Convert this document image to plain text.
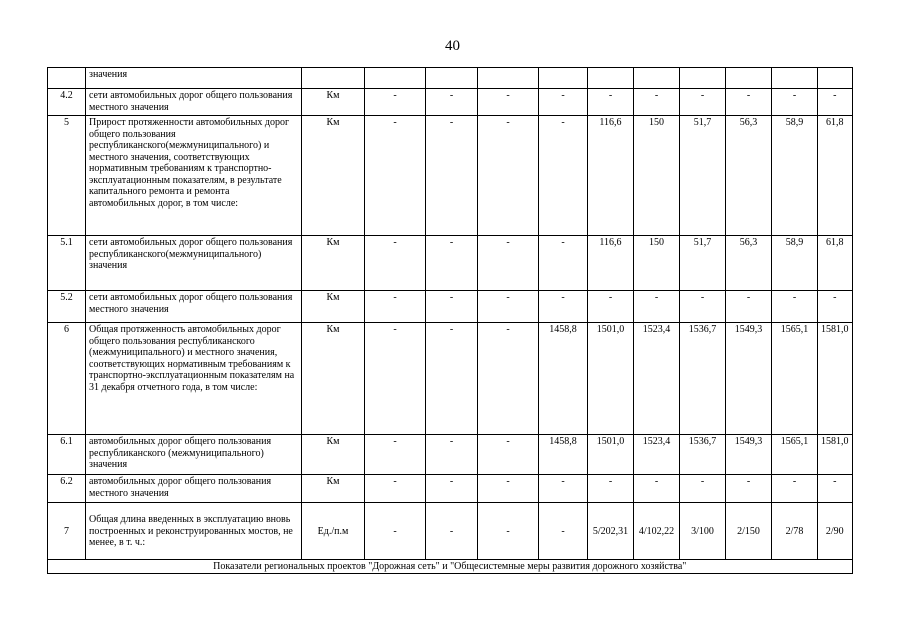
40
	значения											
4.2	сети автомобильных дорог общего пользования местного значения	Км	-	-	-	-	-	-	-	-	-	-
5	Прирост протяженности автомобильных дорог общего пользования республиканского(межмуниципального) и местного значения, соответствующих нормативным требованиям к транспортно-эксплуатационным показателям, в результате капитального ремонта и ремонта автомобильных дорог, в том числе:	Км	-	-	-	-	116,6	150	51,7	56,3	58,9	61,8
5.1	сети автомобильных дорог общего пользования республиканского(межмуниципального) значения	Км	-	-	-	-	116,6	150	51,7	56,3	58,9	61,8
5.2	сети автомобильных дорог общего пользования местного значения	Км	-	-	-	-	-	-	-	-	-	-
6	Общая протяженность автомобильных дорог общего пользования республиканского (межмуниципального) и местного значения, соответствующих нормативным требованиям к транспортно-эксплуатационным показателям на 31 декабря отчетного года, в том числе:	Км	-	-	-	1458,8	1501,0	1523,4	1536,7	1549,3	1565,1	1581,0
6.1	автомобильных дорог общего пользования республиканского (межмуниципального) значения	Км	-	-	-	1458,8	1501,0	1523,4	1536,7	1549,3	1565,1	1581,0
6.2	автомобильных дорог общего пользования местного значения	Км	-	-	-	-	-	-	-	-	-	-
7	Общая длина введенных в эксплуатацию вновь построенных и реконструированных мостов, не менее, в т. ч.:	Ед./п.м	-	-	-	-	5/202,31	4/102,22	3/100	2/150	2/78	2/90
Показатели региональных проектов "Дорожная сеть" и "Общесистемные меры развития дорожного хозяйства"												
